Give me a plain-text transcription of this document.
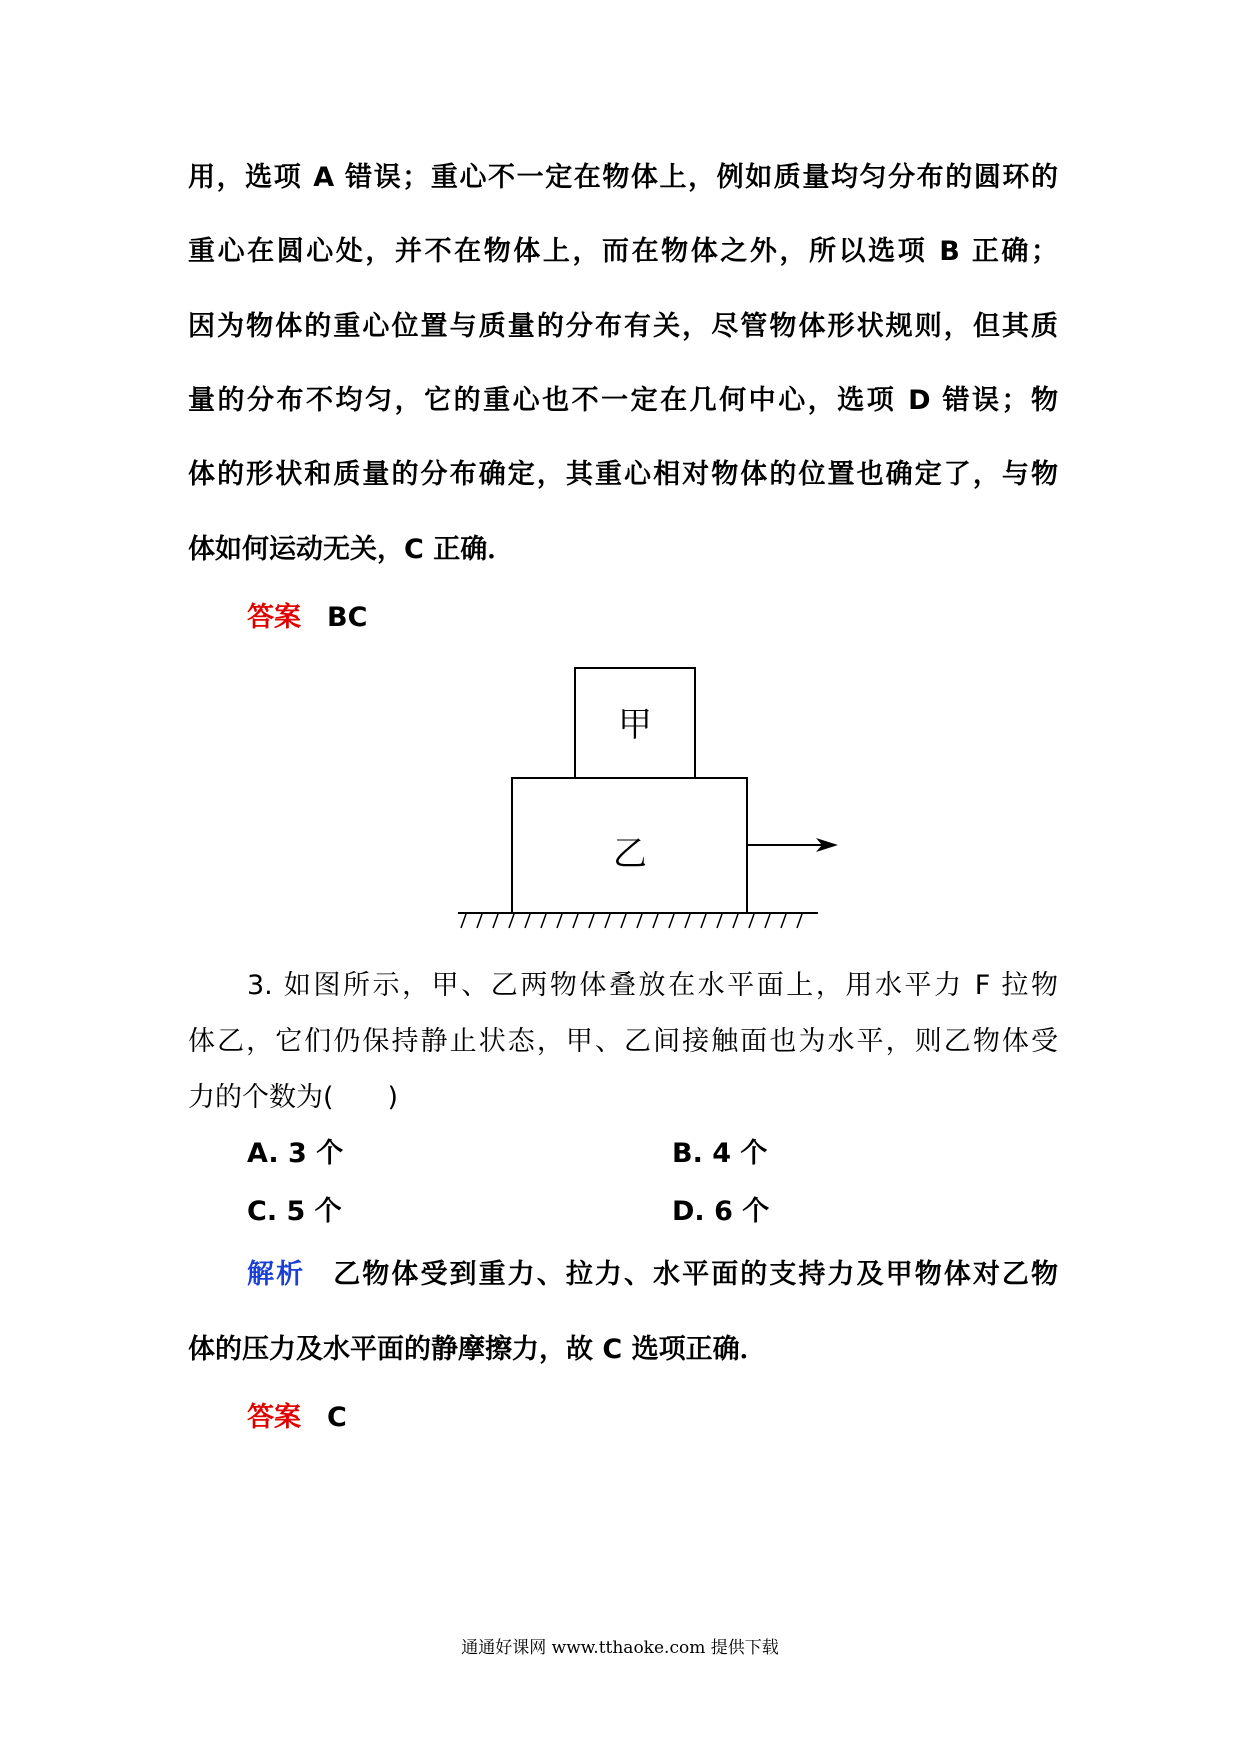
用，选项 A 错误；重心不一定在物体上，例如质量均匀分布的圆环的
重心在圆心处，并不在物体上，而在物体之外，所以选项 B 正确；
因为物体的重心位置与质量的分布有关，尽管物体形状规则，但其质
量的分布不均匀，它的重心也不一定在几何中心，选项 D 错误；物
体的形状和质量的分布确定，其重心相对物体的位置也确定了，与物
体如何运动无关，C 正确．
答案 BC
甲
乙
3. 如图所示，甲、乙两物体叠放在水平面上，用水平力 F 拉物
体乙，它们仍保持静止状态，甲、乙间接触面也为水平，则乙物体受
力的个数为(　　)
A. 3 个	B. 4 个
C. 5 个	D. 6 个
解析 乙物体受到重力、拉力、水平面的支持力及甲物体对乙物
体的压力及水平面的静摩擦力，故 C 选项正确．
答案 C
通通好课网 www.tthaoke.com 提供下载
